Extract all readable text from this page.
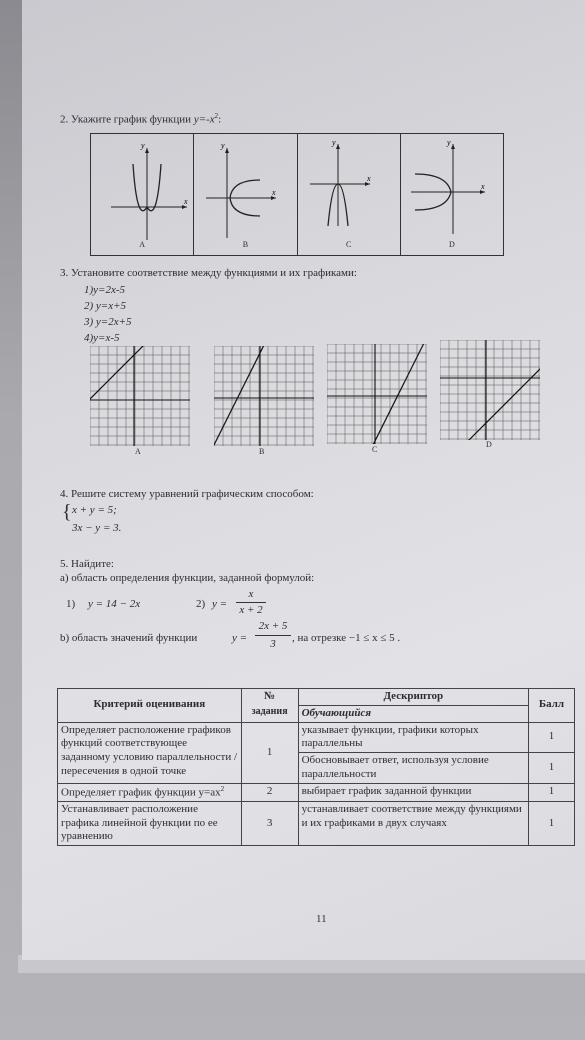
2. Укажите график функции $y=-x^2$:
y
x
A
y
x
B
y
x
C
y
x
D
3. Установите соответствие между функциями и их графиками:
1)y=2x-5
2) y=x+5
3) y=2x+5
4)y=x-5
A	B	C
D
4. Решите систему уравнений графическим способом:
{ x + y = 5;
3x − y = 3.
5. Найдите:
а) область определения функции, заданной формулой:
1) y = 14 − 2x	2) y =
x
x + 2
b) область значений функции	y =
2x + 5
3	, на отрезке −1 ≤ x ≤ 5 .
11
Критерий оценивания	№	Дескриптор	Балл
	задания	Обучающийся	
Определяет расположение графиков функций соответствующее заданному условию параллельности / пересечения в одной точке	1	указывает функции, графики которых параллельны	1
		Обосновывает ответ, используя условие параллельности	1
Определяет график функции $y=ax^2$	2	выбирает график заданной функции	1
Устанавливает расположение графика линейной функции по ее уравнению	3	устанавливает соответствие между функциями и их графиками в двух случаях	1
